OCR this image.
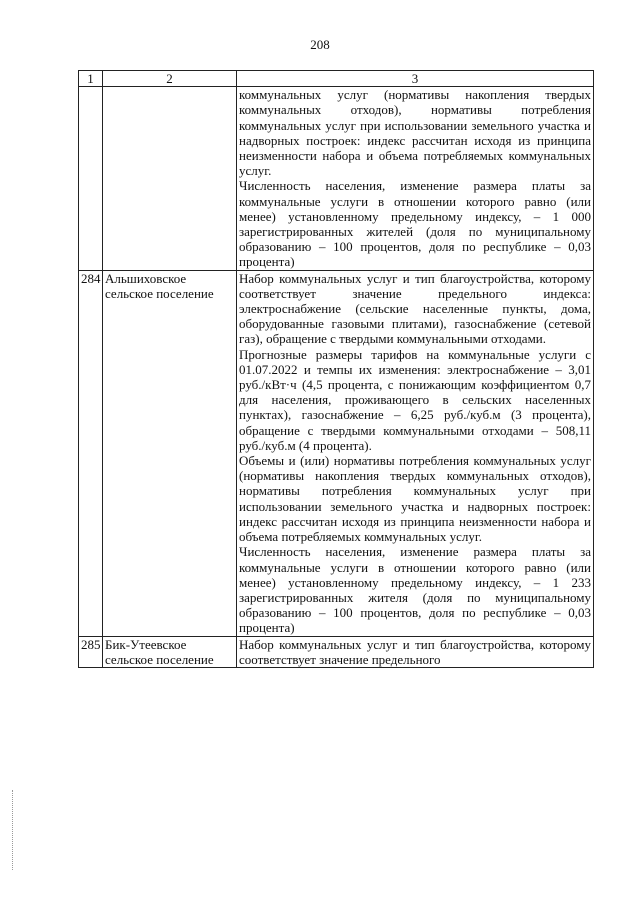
208
1	2	3

		коммунальных услуг (нормативы накопления твердых коммунальных отходов), нормативы потребления коммунальных услуг при использовании земельного участка и надворных построек: индекс рассчитан исходя из принципа неизменности набора и объема потребляемых коммунальных услуг.

Численность населения, изменение размера платы за коммунальные услуги в отношении которого равно (или менее) установленному предельному индексу, – 1 000 зарегистрированных жителей (доля по муниципальному образованию – 100 процентов, доля по республике – 0,03 процента)

284	Альшиховское сельское поселение	Набор коммунальных услуг и тип благоустройства, которому соответствует значение предельного индекса: электроснабжение (сельские населенные пункты, дома, оборудованные газовыми плитами), газоснабжение (сетевой газ), обращение с твердыми коммунальными отходами.

Прогнозные размеры тарифов на коммунальные услуги с 01.07.2022 и темпы их изменения: электроснабжение – 3,01 руб./кВт·ч (4,5 процента, с понижающим коэффициентом 0,7 для населения, проживающего в сельских населенных пунктах), газоснабжение – 6,25 руб./куб.м (3 процента), обращение с твердыми коммунальными отходами – 508,11 руб./куб.м (4 процента).

Объемы и (или) нормативы потребления коммунальных услуг (нормативы накопления твердых коммунальных отходов), нормативы потребления коммунальных услуг при использовании земельного участка и надворных построек: индекс рассчитан исходя из принципа неизменности набора и объема потребляемых коммунальных услуг.

Численность населения, изменение размера платы за коммунальные услуги в отношении которого равно (или менее) установленному предельному индексу, – 1 233 зарегистрированных жителя (доля по муниципальному образованию – 100 процентов, доля по республике – 0,03 процента)

285	Бик-Утеевское сельское поселение	Набор коммунальных услуг и тип благоустройства, которому соответствует значение предельного
